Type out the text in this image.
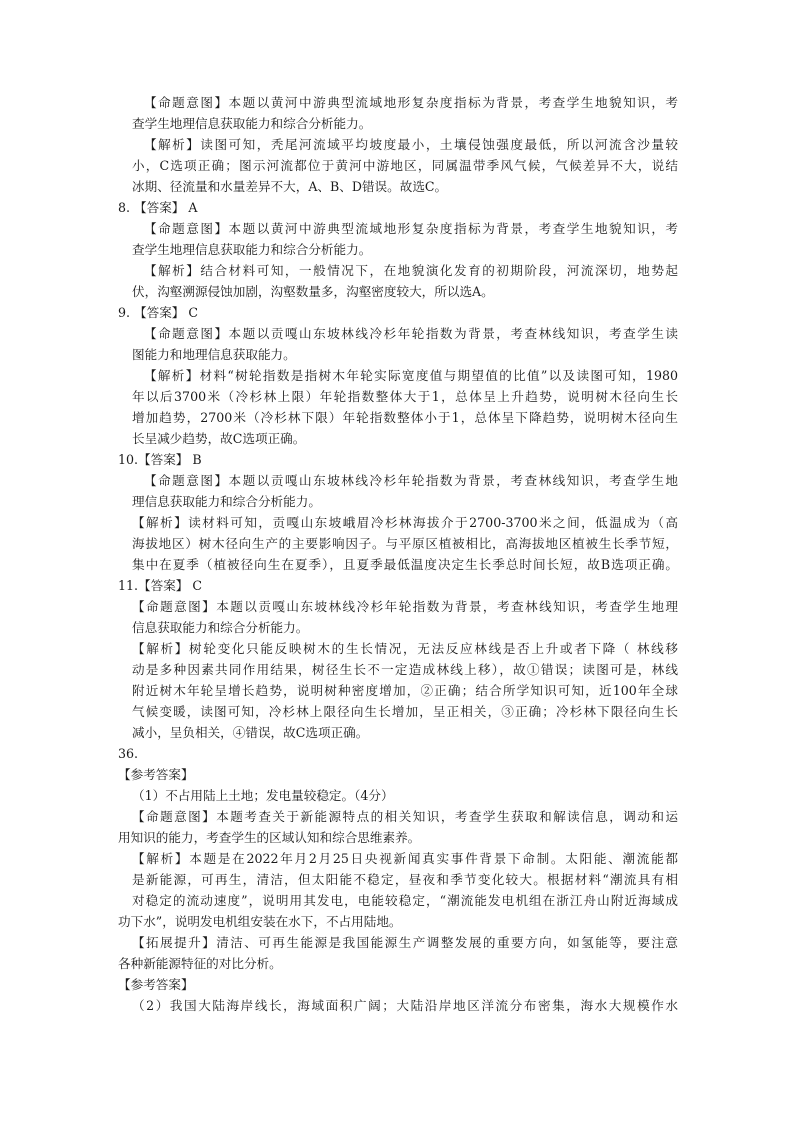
【命题意图】本题以黄河中游典型流域地形复杂度指标为背景，考查学生地貌知识，考
查学生地理信息获取能力和综合分析能力。
【解析】读图可知，秃尾河流域平均坡度最小，土壤侵蚀强度最低，所以河流含沙量较
小，C选项正确；图示河流都位于黄河中游地区，同属温带季风气候，气候差异不大，说结
冰期、径流量和水量差异不大，A、B、D错误。故选C。
8. 【答案】 A
【命题意图】本题以黄河中游典型流域地形复杂度指标为背景，考查学生地貌知识，考
查学生地理信息获取能力和综合分析能力。
【解析】结合材料可知，一般情况下，在地貌演化发育的初期阶段，河流深切，地势起
伏，沟壑溯源侵蚀加剧，沟壑数量多，沟壑密度较大，所以选A。
9. 【答案】 C
【命题意图】本题以贡嘎山东坡林线冷杉年轮指数为背景，考查林线知识，考查学生读
图能力和地理信息获取能力。
【解析】材料“树轮指数是指树木年轮实际宽度值与期望值的比值”以及读图可知，1980
年以后3700米（冷杉林上限）年轮指数整体大于1，总体呈上升趋势，说明树木径向生长
增加趋势，2700米（冷杉林下限）年轮指数整体小于1，总体呈下降趋势，说明树木径向生
长呈减少趋势，故C选项正确。
10.【答案】 B
【命题意图】本题以贡嘎山东坡林线冷杉年轮指数为背景，考查林线知识，考查学生地
理信息获取能力和综合分析能力。
【解析】读材料可知，贡嘎山东坡峨眉冷杉林海拔介于2700-3700米之间，低温成为（高
海拔地区）树木径向生产的主要影响因子。与平原区植被相比，高海拔地区植被生长季节短，
集中在夏季（植被径向生在夏季），且夏季最低温度决定生长季总时间长短，故B选项正确。
11.【答案】 C
【命题意图】本题以贡嘎山东坡林线冷杉年轮指数为背景，考查林线知识，考查学生地理
信息获取能力和综合分析能力。
【解析】树轮变化只能反映树木的生长情况，无法反应林线是否上升或者下降（ 林线移
动是多种因素共同作用结果，树径生长不一定造成林线上移），故①错误；读图可是，林线
附近树木年轮呈增长趋势，说明树种密度增加，②正确；结合所学知识可知，近100年全球
气候变暖，读图可知，冷杉林上限径向生长增加，呈正相关，③正确；冷杉林下限径向生长
减小，呈负相关，④错误，故C选项正确。
36.
【参考答案】
（1）不占用陆上土地；发电量较稳定。（4分）
【命题意图】本题考查关于新能源特点的相关知识，考查学生获取和解读信息，调动和运
用知识的能力，考查学生的区域认知和综合思维素养。
【解析】本题是在2022年月2月25日央视新闻真实事件背景下命制。太阳能、潮流能都
是新能源，可再生，清洁，但太阳能不稳定，昼夜和季节变化较大。根据材料“潮流具有相
对稳定的流动速度”，说明用其发电，电能较稳定，“潮流能发电机组在浙江舟山附近海域成
功下水”，说明发电机组安装在水下，不占用陆地。
【拓展提升】清洁、可再生能源是我国能源生产调整发展的重要方向，如氢能等，要注意
各种新能源特征的对比分析。
【参考答案】
（2）我国大陆海岸线长，海域面积广阔；大陆沿岸地区洋流分布密集，海水大规模作水
